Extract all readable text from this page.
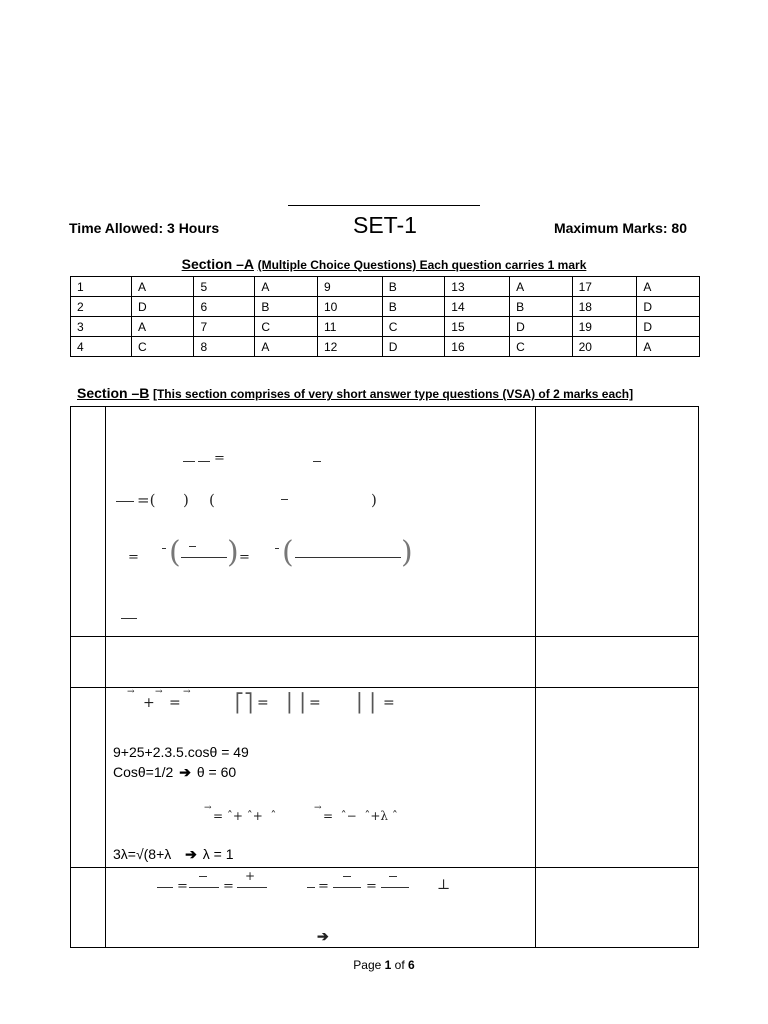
Time Allowed: 3 Hours	SET-1	Maximum Marks: 80
Section –A (Multiple Choice Questions) Each question carries 1 mark
1	A	5	A	9	B	13	A	17	A
2	D	6	B	10	B	14	B	18	D
3	A	7	C	11	C	15	D	19	D
4	C	8	A	12	D	16	C	20	A
Section –B [This section comprises of very short answer type questions (VSA) of 2 marks each]
=
=( ) (	)
= ( ) = (	)
→
+
→
=
→
⎡⎤ = ⎢⎥ = ⎢⎥ =
9+25+2.3.5.cosθ = 49
Cosθ=1/2 ➔ θ = 60
→
= ˆ+ ˆ+  ˆ
→
=  ˆ−  ˆ+λ ˆ
3λ=√(8+λ ➔ λ = 1
=	=
+
=	=	⊥
➔
Page 1 of 6
